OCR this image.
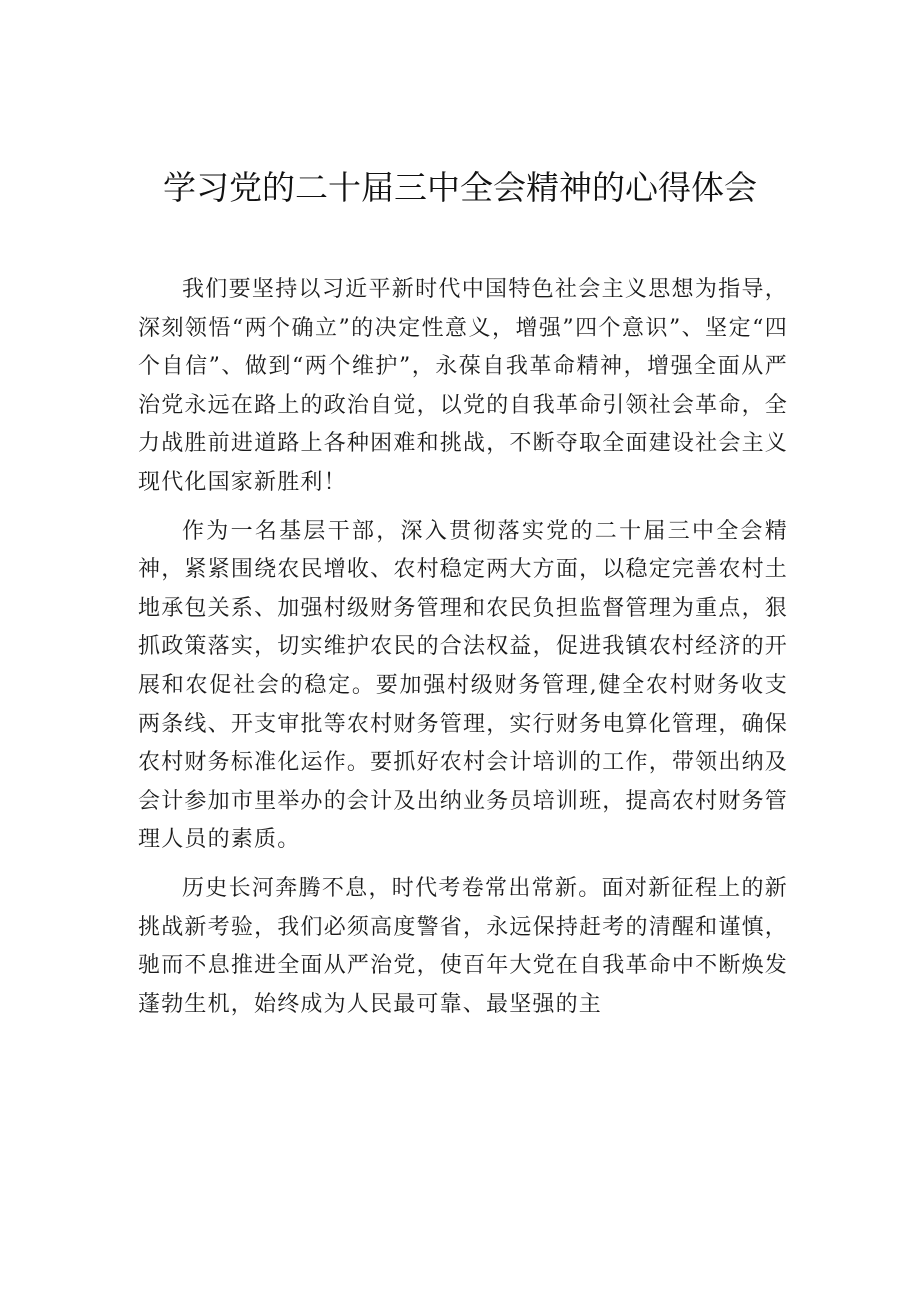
学习党的二十届三中全会精神的心得体会

我们要坚持以习近平新时代中国特色社会主义思想为指导，深刻领悟“两个确立”的决定性意义，增强”四个意识”、坚定“四个自信”、做到“两个维护”，永葆自我革命精神，增强全面从严治党永远在路上的政治自觉，以党的自我革命引领社会革命，全力战胜前进道路上各种困难和挑战，不断夺取全面建设社会主义现代化国家新胜利！

作为一名基层干部，深入贯彻落实党的二十届三中全会精神，紧紧围绕农民增收、农村稳定两大方面，以稳定完善农村土地承包关系、加强村级财务管理和农民负担监督管理为重点，狠抓政策落实，切实维护农民的合法权益，促进我镇农村经济的开展和农促社会的稳定。要加强村级财务管理,健全农村财务收支两条线、开支审批等农村财务管理，实行财务电算化管理，确保农村财务标准化运作。要抓好农村会计培训的工作，带领出纳及会计参加市里举办的会计及出纳业务员培训班，提高农村财务管理人员的素质。

历史长河奔腾不息，时代考卷常出常新。面对新征程上的新挑战新考验，我们必须高度警省，永远保持赶考的清醒和谨慎，驰而不息推进全面从严治党，使百年大党在自我革命中不断焕发蓬勃生机，始终成为人民最可靠、最坚强的主
